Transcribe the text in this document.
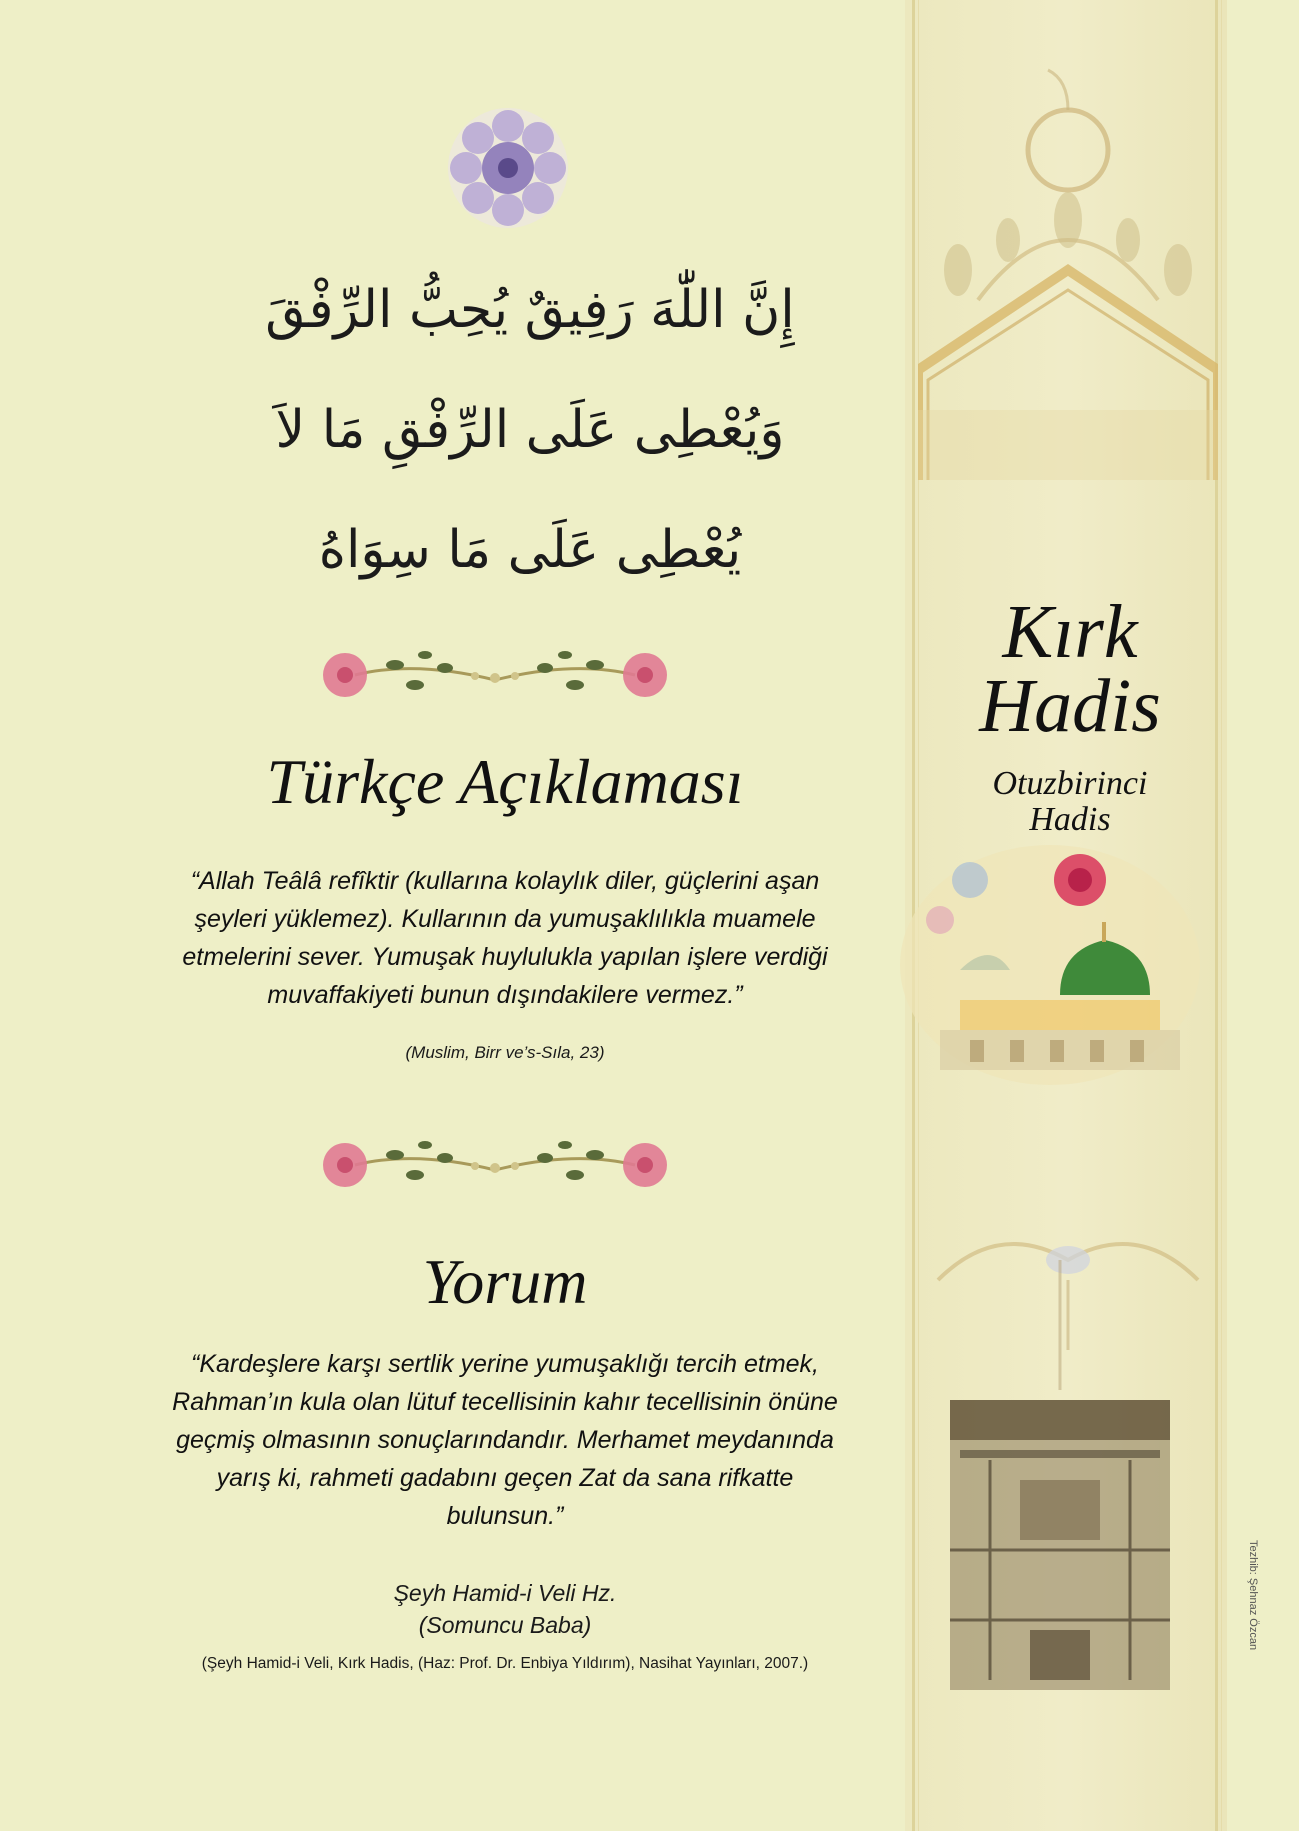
إِنَّ اللّٰهَ رَفِيقٌ يُحِبُّ الرِّفْقَ
وَيُعْطِى عَلَى الرِّفْقِ مَا لاَ
يُعْطِى عَلَى مَا سِوَاهُ
Türkçe Açıklaması
“Allah Teâlâ refîktir (kullarına kolaylık diler, güçlerini aşan
şeyleri yüklemez). Kullarının da yumuşaklılıkla muamele
etmelerini sever. Yumuşak huylulukla yapılan işlere verdiği
muvaffakiyeti bunun dışındakilere vermez.”
(Muslim, Birr ve’s-Sıla, 23)
Yorum
“Kardeşlere karşı sertlik yerine yumuşaklığı tercih etmek,
Rahman’ın kula olan lütuf tecellisinin kahır tecellisinin önüne
geçmiş olmasının sonuçlarındandır. Merhamet meydanında
yarış ki, rahmeti gadabını geçen Zat da sana rifkatte
bulunsun.”
Şeyh Hamid-i Veli Hz.
(Somuncu Baba)
(Şeyh Hamid-i Veli, Kırk Hadis, (Haz: Prof. Dr. Enbiya Yıldırım), Nasihat Yayınları, 2007.)
Kırk
Hadis
Otuzbirinci
Hadis
Tezhib: Şehnaz Özcan
